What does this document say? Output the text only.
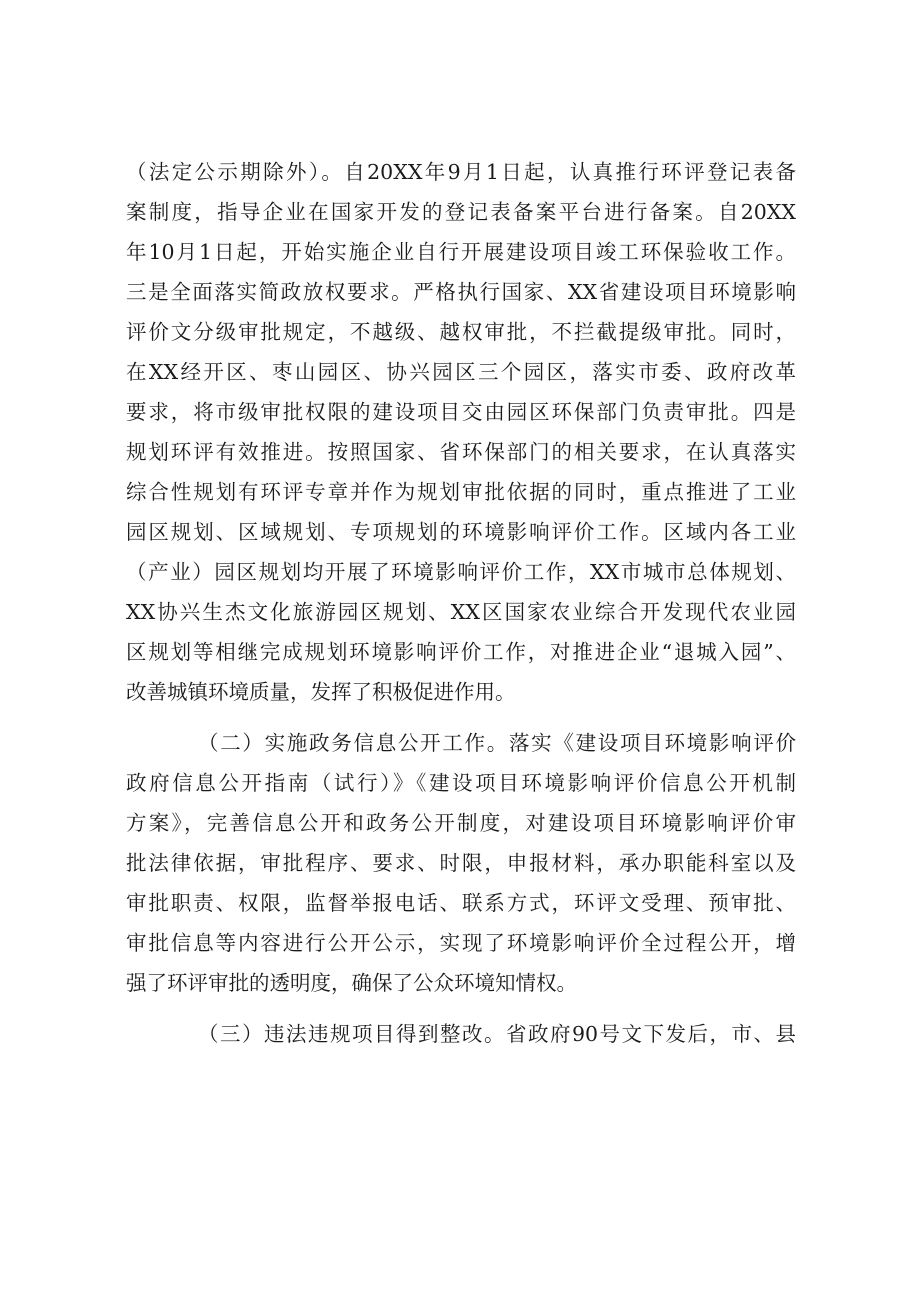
（法定公示期除外）。自20XX年9月1日起，认真推行环评登记表备
案制度，指导企业在国家开发的登记表备案平台进行备案。自20XX
年10月1日起，开始实施企业自行开展建设项目竣工环保验收工作。
三是全面落实简政放权要求。严格执行国家、XX省建设项目环境影响
评价文分级审批规定，不越级、越权审批，不拦截提级审批。同时，
在XX经开区、枣山园区、协兴园区三个园区，落实市委、政府改革
要求，将市级审批权限的建设项目交由园区环保部门负责审批。四是
规划环评有效推进。按照国家、省环保部门的相关要求，在认真落实
综合性规划有环评专章并作为规划审批依据的同时，重点推进了工业
园区规划、区域规划、专项规划的环境影响评价工作。区域内各工业
（产业）园区规划均开展了环境影响评价工作，XX市城市总体规划、
XX协兴生杰文化旅游园区规划、XX区国家农业综合开发现代农业园
区规划等相继完成规划环境影响评价工作，对推进企业“退城入园”、
改善城镇环境质量，发挥了积极促进作用。
（二）实施政务信息公开工作。落实《建设项目环境影响评价
政府信息公开指南（试行）》《建设项目环境影响评价信息公开机制
方案》，完善信息公开和政务公开制度，对建设项目环境影响评价审
批法律依据，审批程序、要求、时限，申报材料，承办职能科室以及
审批职责、权限，监督举报电话、联系方式，环评文受理、预审批、
审批信息等内容进行公开公示，实现了环境影响评价全过程公开，增
强了环评审批的透明度，确保了公众环境知情权。
（三）违法违规项目得到整改。省政府90号文下发后，市、县
